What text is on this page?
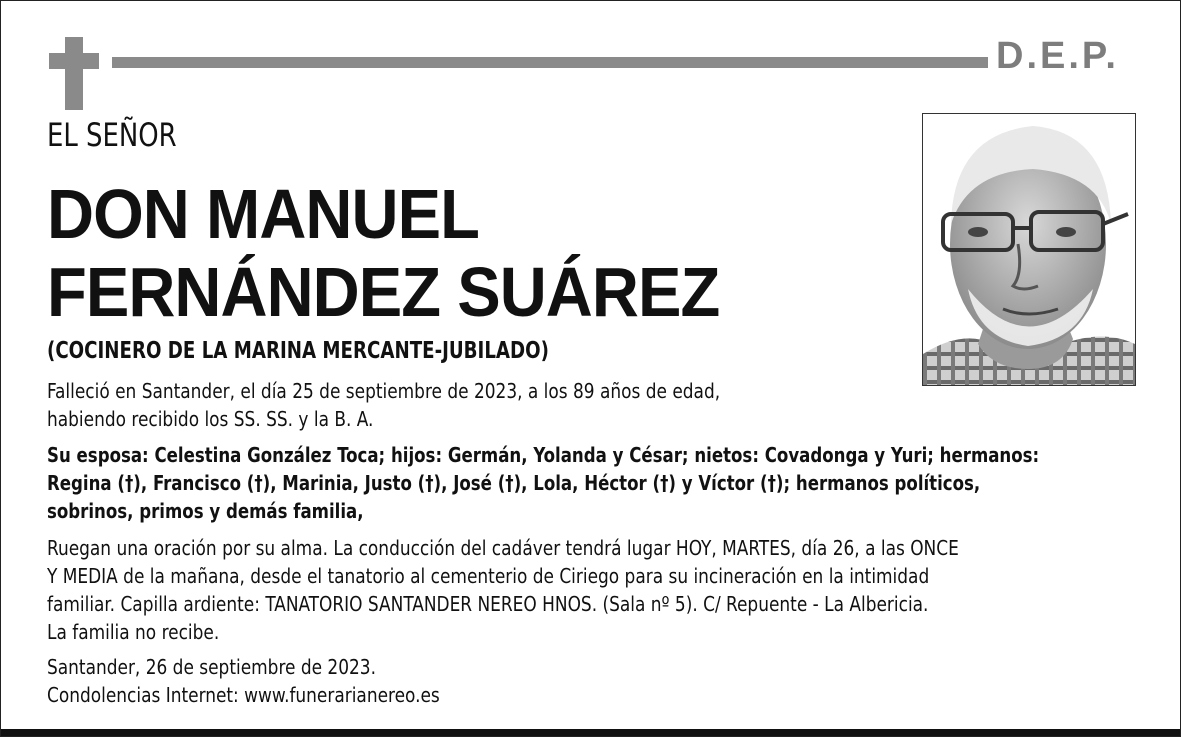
D.E.P.
EL SEÑOR
DON MANUEL
FERNÁNDEZ SUÁREZ
(COCINERO DE LA MARINA MERCANTE-JUBILADO)
Falleció en Santander, el día 25 de septiembre de 2023, a los 89 años de edad,
habiendo recibido los SS. SS. y la B. A.
Su esposa: Celestina González Toca; hijos: Germán, Yolanda y César; nietos: Covadonga y Yuri; hermanos:
Regina (†), Francisco (†), Marinia, Justo (†), José (†), Lola, Héctor (†) y Víctor (†); hermanos políticos,
sobrinos, primos y demás familia,
Ruegan una oración por su alma. La conducción del cadáver tendrá lugar HOY, MARTES, día 26, a las ONCE
Y MEDIA de la mañana, desde el tanatorio al cementerio de Ciriego para su incineración en la intimidad
familiar. Capilla ardiente: TANATORIO SANTANDER NEREO HNOS. (Sala nº 5). C/ Repuente - La Albericia.
La familia no recibe.
Santander, 26 de septiembre de 2023.
Condolencias Internet: www.funerarianereo.es
